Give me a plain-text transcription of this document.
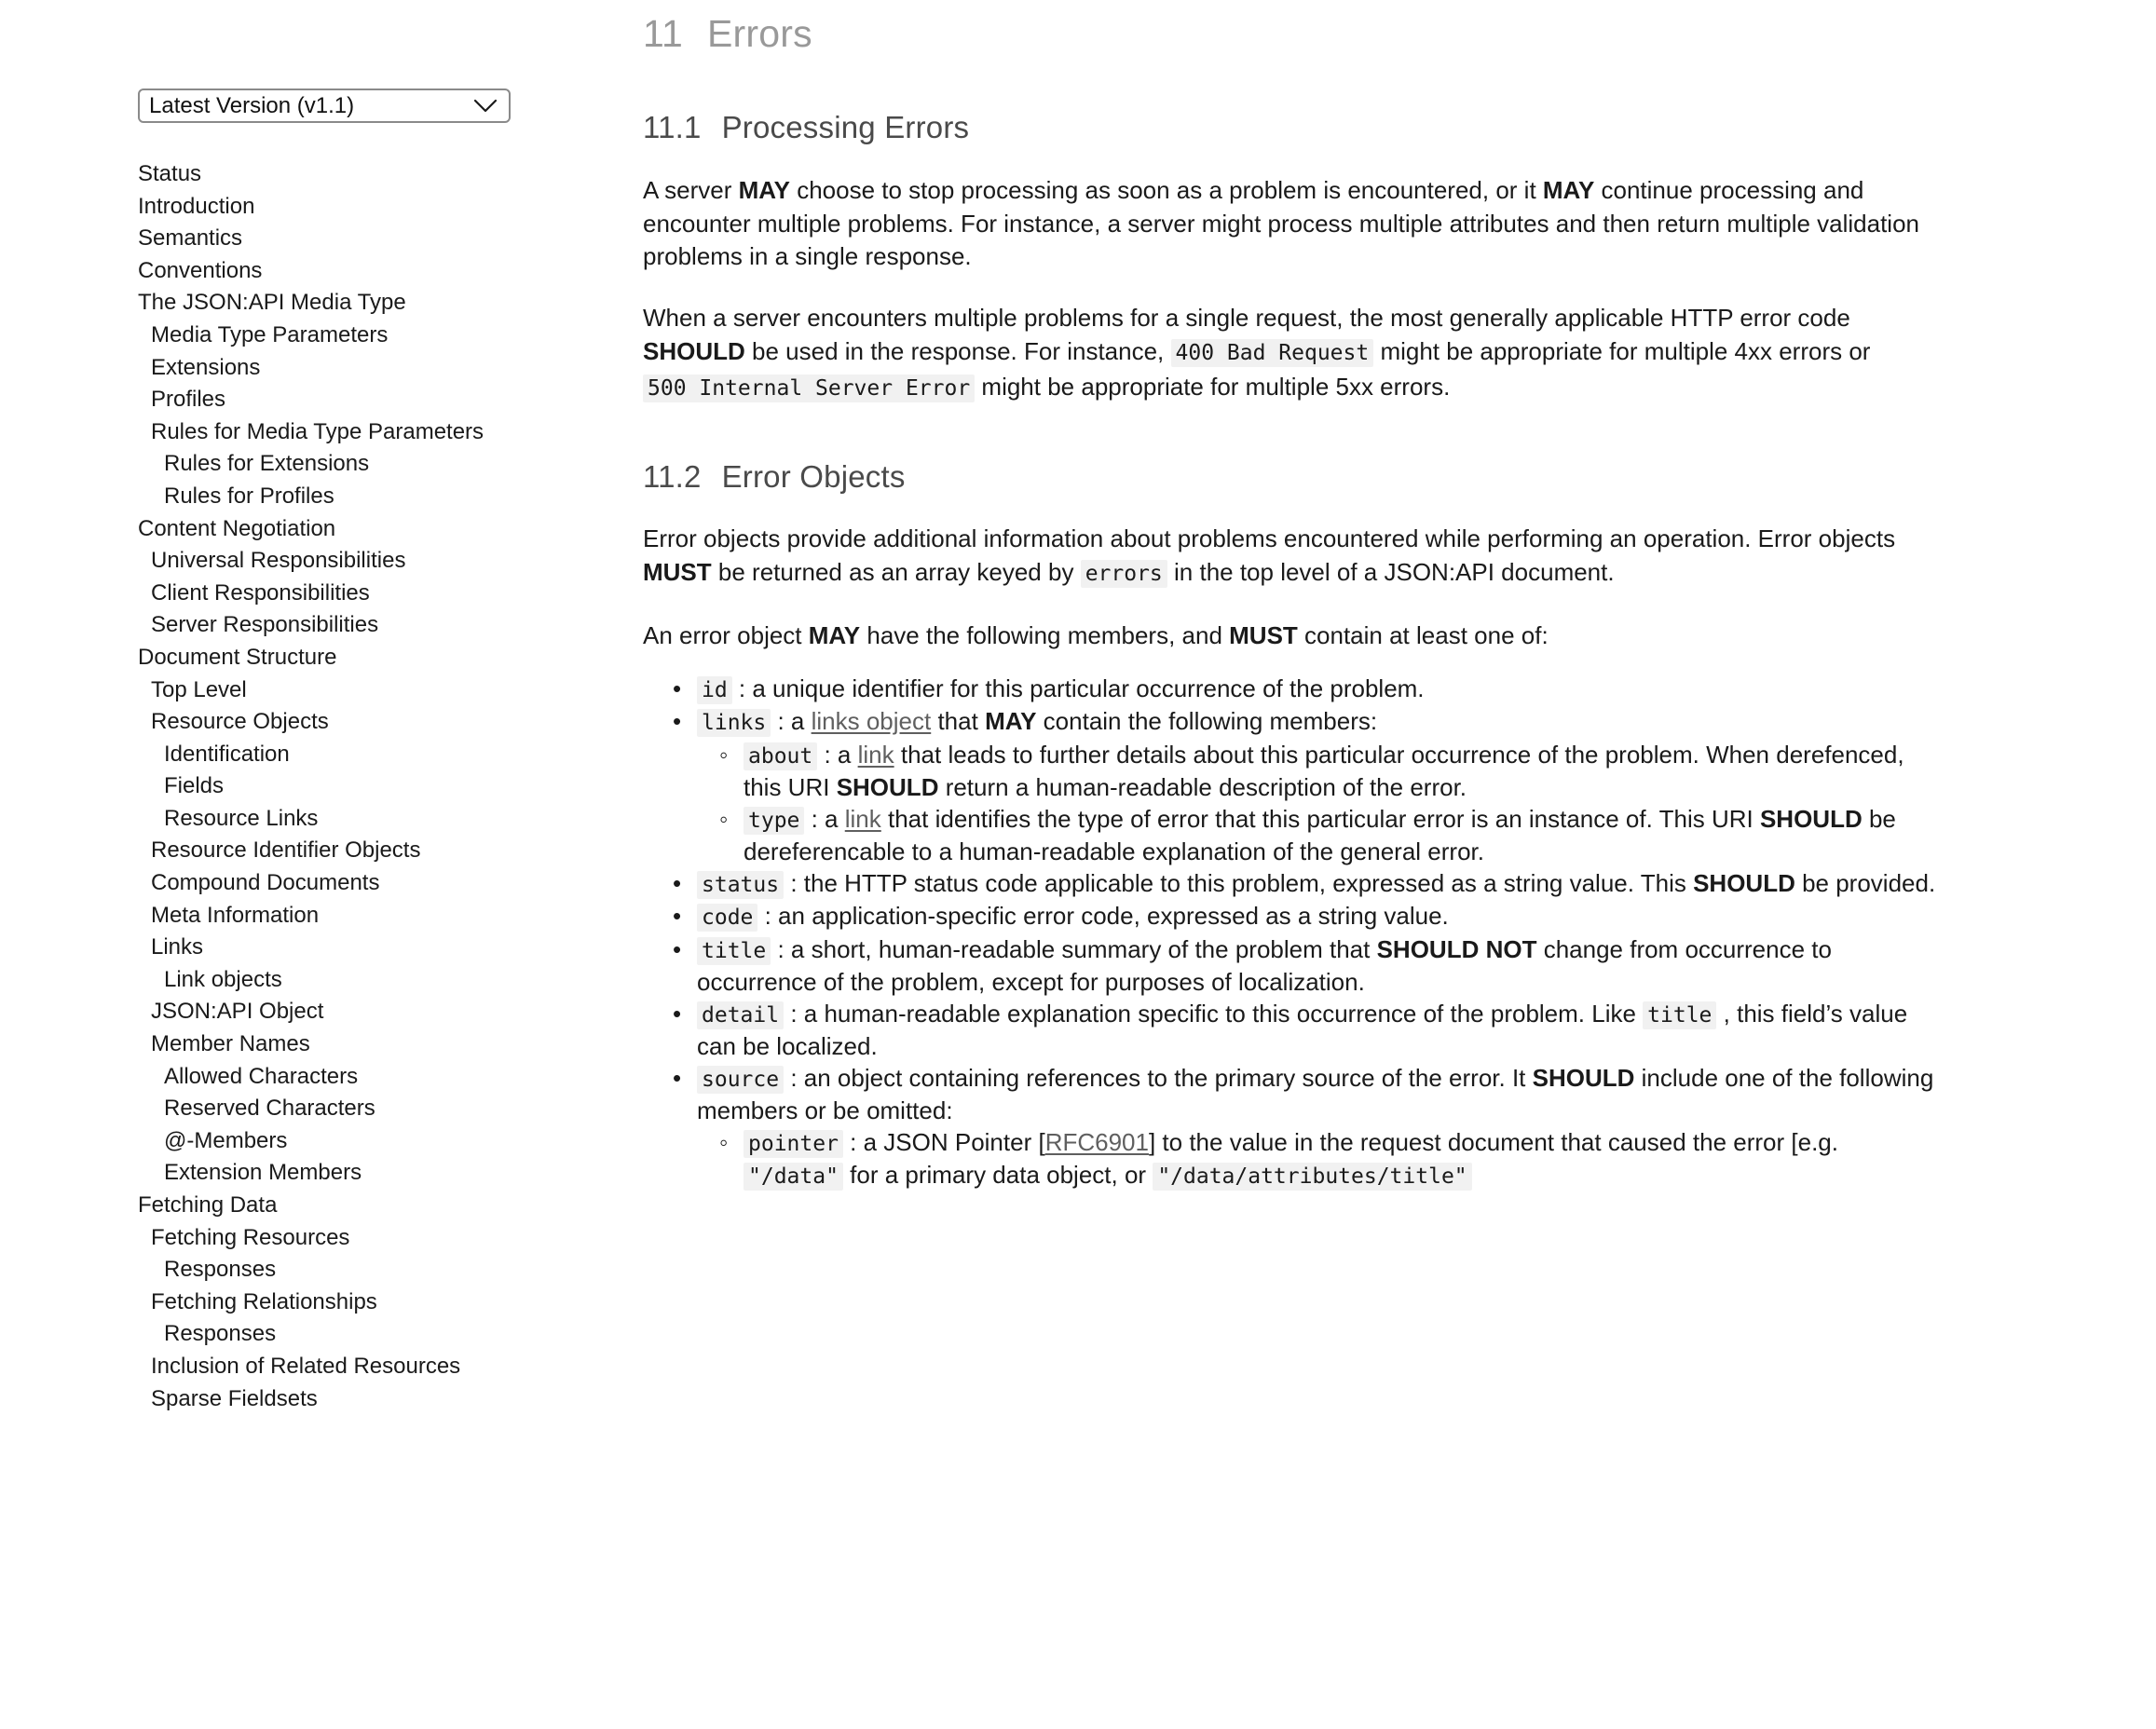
Latest Version (v1.1)
Status
Introduction
Semantics
Conventions
The JSON:API Media Type
Media Type Parameters
Extensions
Profiles
Rules for Media Type Parameters
Rules for Extensions
Rules for Profiles
Content Negotiation
Universal Responsibilities
Client Responsibilities
Server Responsibilities
Document Structure
Top Level
Resource Objects
Identification
Fields
Resource Links
Resource Identifier Objects
Compound Documents
Meta Information
Links
Link objects
JSON:API Object
Member Names
Allowed Characters
Reserved Characters
@-Members
Extension Members
Fetching Data
Fetching Resources
Responses
Fetching Relationships
Responses
Inclusion of Related Resources
Sparse Fieldsets
11 Errors
11.1 Processing Errors

A server MAY choose to stop processing as soon as a problem is encountered, or it MAY continue processing and encounter multiple problems. For instance, a server might process multiple attributes and then return multiple validation problems in a single response.

When a server encounters multiple problems for a single request, the most generally applicable HTTP error code SHOULD be used in the response. For instance, 400 Bad Request might be appropriate for multiple 4xx errors or 500 Internal Server Error might be appropriate for multiple 5xx errors.

11.2 Error Objects

Error objects provide additional information about problems encountered while performing an operation. Error objects MUST be returned as an array keyed by errors in the top level of a JSON:API document.

An error object MAY have the following members, and MUST contain at least one of:

• id : a unique identifier for this particular occurrence of the problem.
• links : a links object that MAY contain the following members:
◦ about : a link that leads to further details about this particular occurrence of the problem. When derefenced, this URI SHOULD return a human-readable description of the error.
◦ type : a link that identifies the type of error that this particular error is an instance of. This URI SHOULD be dereferencable to a human-readable explanation of the general error.
• status : the HTTP status code applicable to this problem, expressed as a string value. This SHOULD be provided.
• code : an application-specific error code, expressed as a string value.
• title : a short, human-readable summary of the problem that SHOULD NOT change from occurrence to occurrence of the problem, except for purposes of localization.
• detail : a human-readable explanation specific to this occurrence of the problem. Like title , this field’s value can be localized.
• source : an object containing references to the primary source of the error. It SHOULD include one of the following members or be omitted:
◦ pointer : a JSON Pointer [RFC6901] to the value in the request document that caused the error [e.g. "/data" for a primary data object, or "/data/attributes/title"
